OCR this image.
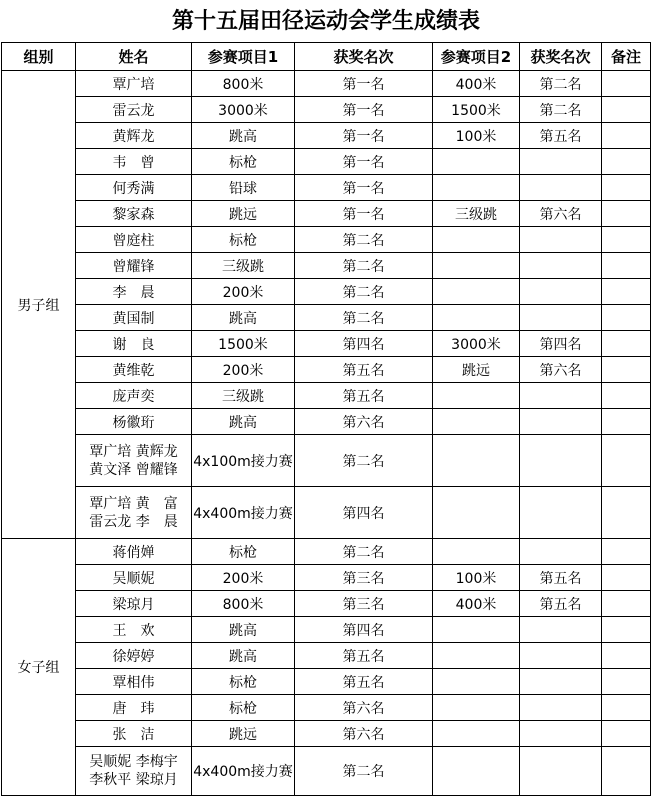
第十五届田径运动会学生成绩表
组别	姓名	参赛项目1	获奖名次	参赛项目2	获奖名次	备注
男子组	覃广培	800米	第一名	400米	第二名	
	雷云龙	3000米	第一名	1500米	第二名	
	黄辉龙	跳高	第一名	100米	第五名	
	韦　曾	标枪	第一名			
	何秀满	铅球	第一名			
	黎家森	跳远	第一名	三级跳	第六名	
	曾庭柱	标枪	第二名			
	曾耀锋	三级跳	第二名			
	李　晨	200米	第二名			
	黄国制	跳高	第二名			
	谢　良	1500米	第四名	3000米	第四名	
	黄维乾	200米	第五名	跳远	第六名	
	庞声奕	三级跳	第五名			
	杨徽珩	跳高	第六名			
	覃广培 黄辉龙
黄文泽 曾耀锋	4x100m接力赛	第二名			
	覃广培 黄　富
雷云龙 李　晨	4x400m接力赛	第四名			
女子组	蒋俏婵	标枪	第二名			
	吴顺妮	200米	第三名	100米	第五名	
	梁琼月	800米	第三名	400米	第五名	
	王　欢	跳高	第四名			
	徐婷婷	跳高	第五名			
	覃相伟	标枪	第五名			
	唐　玮	标枪	第六名			
	张　洁	跳远	第六名			
	吴顺妮 李梅宇
李秋平 梁琼月	4x400m接力赛	第二名			
